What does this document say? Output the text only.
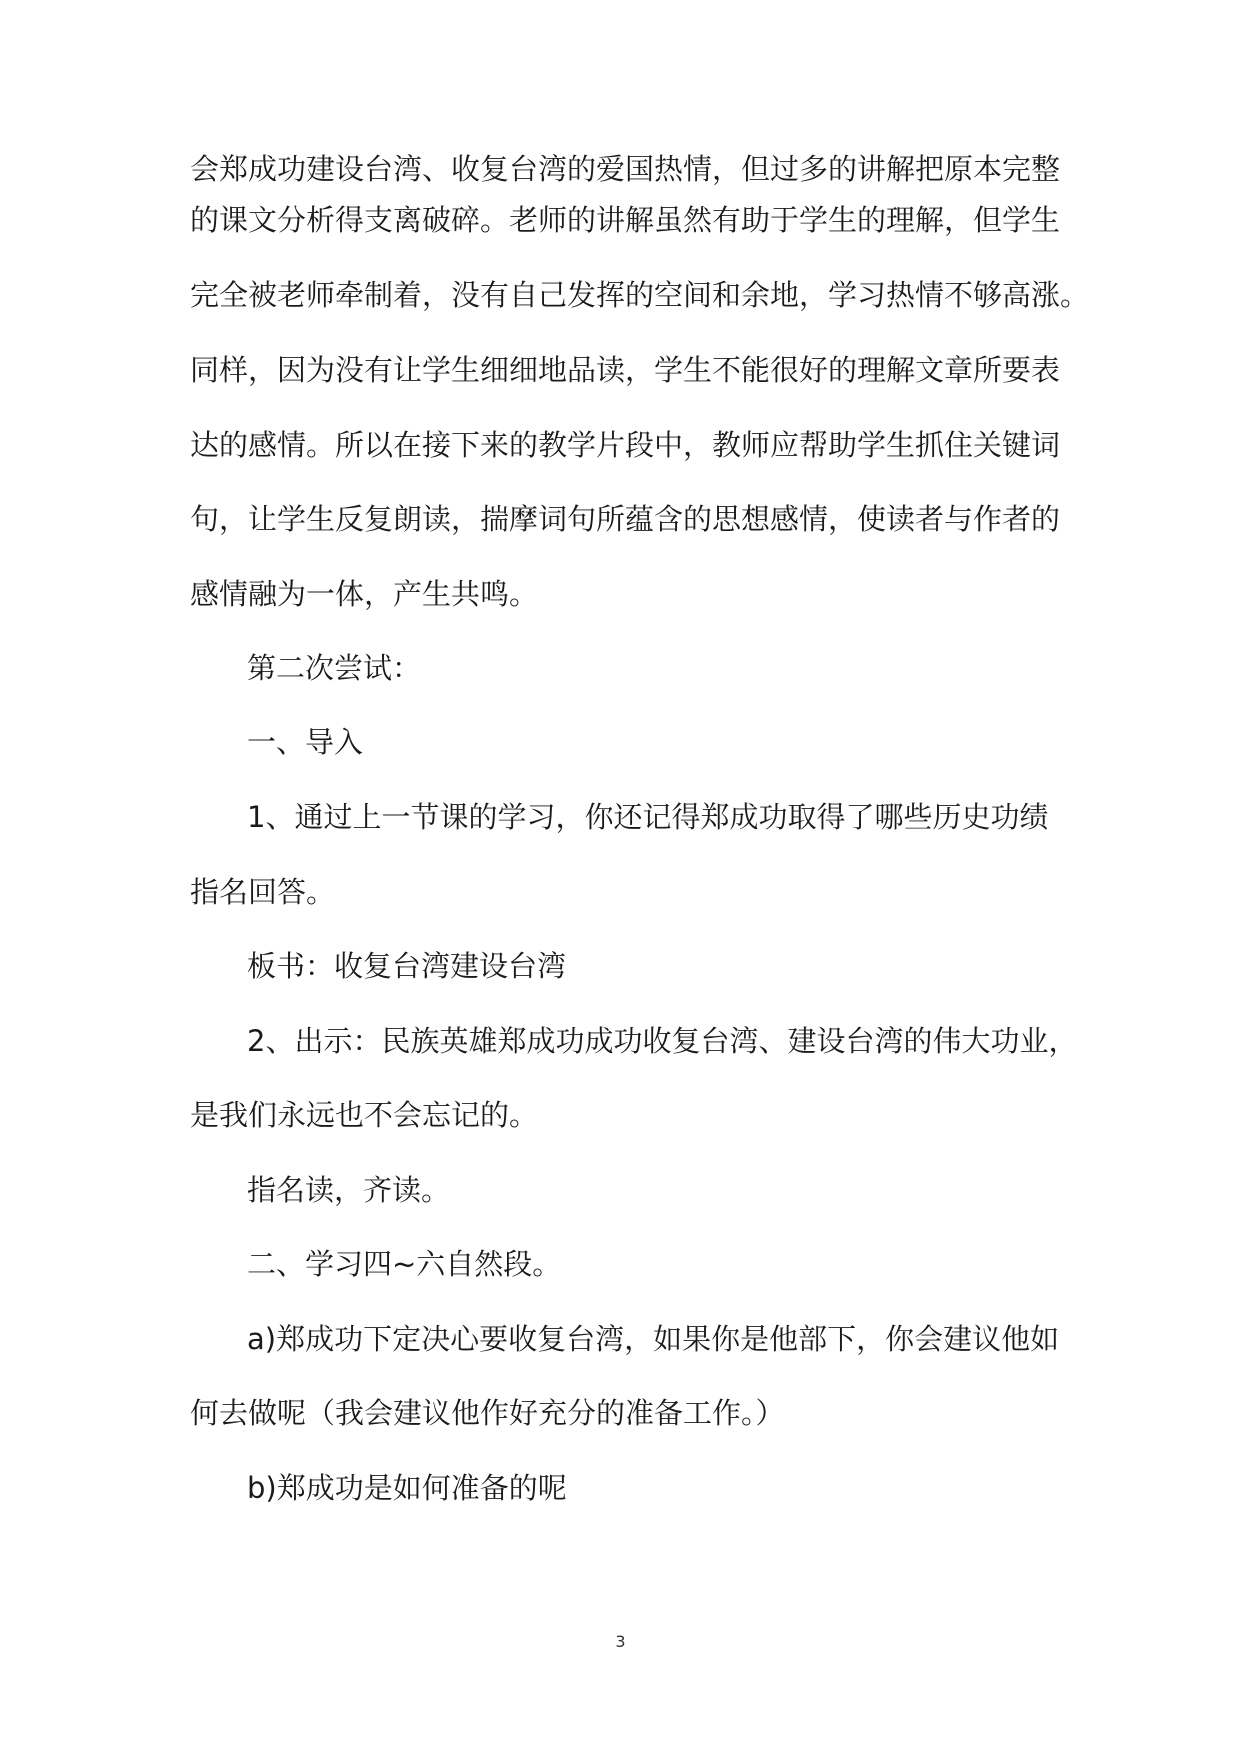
会郑成功建设台湾、收复台湾的爱国热情，但过多的讲解把原本完整
的课文分析得支离破碎。老师的讲解虽然有助于学生的理解，但学生
完全被老师牵制着，没有自己发挥的空间和余地，学习热情不够高涨。
同样，因为没有让学生细细地品读，学生不能很好的理解文章所要表
达的感情。所以在接下来的教学片段中，教师应帮助学生抓住关键词
句，让学生反复朗读，揣摩词句所蕴含的思想感情，使读者与作者的
感情融为一体，产生共鸣。
第二次尝试：
一、导入
1、通过上一节课的学习，你还记得郑成功取得了哪些历史功绩
指名回答。
板书：收复台湾建设台湾
2、出示：民族英雄郑成功成功收复台湾、建设台湾的伟大功业，
是我们永远也不会忘记的。
指名读，齐读。
二、学习四~六自然段。
a)郑成功下定决心要收复台湾，如果你是他部下，你会建议他如
何去做呢（我会建议他作好充分的准备工作。）
b)郑成功是如何准备的呢
3
